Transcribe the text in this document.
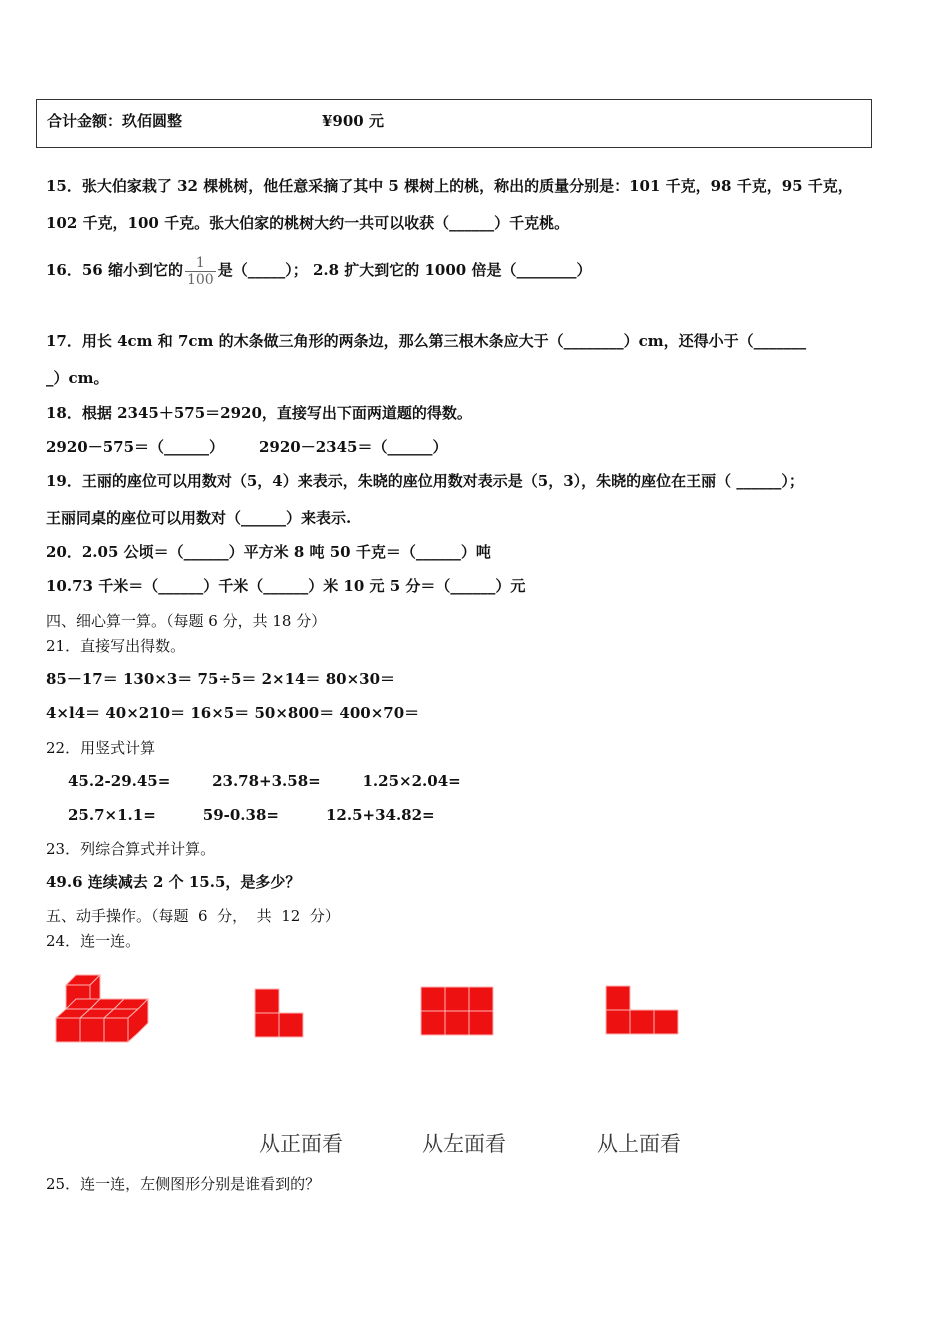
合计金额：玖佰圆整	¥900 元
15．张大伯家栽了 32 棵桃树，他任意采摘了其中 5 棵树上的桃，称出的质量分别是：101 千克，98 千克，95 千克，
102 千克，100 千克。张大伯家的桃树大约一共可以收获（______）千克桃。
16．56 缩小到它的 $\frac{1}{100}$ 是（_____）； 2.8 扩大到它的 1000 倍是（________）
17．用长 4cm 和 7cm 的木条做三角形的两条边，那么第三根木条应大于（________）cm，还得小于（_______
_）cm。
18．根据 2345＋575＝2920，直接写出下面两道题的得数。
2920－575＝（______） 2920－2345＝（______）
19．王丽的座位可以用数对（5，4）来表示，朱晓的座位用数对表示是（5，3），朱晓的座位在王丽（ ______）；
王丽同桌的座位可以用数对（______）来表示.
20．2.05 公顷＝（______）平方米 8 吨 50 千克＝（______）吨
10.73 千米＝（______）千米（______）米 10 元 5 分＝（______）元
四、细心算一算。（每题 6 分，共 18 分）
21．直接写出得数。
85－17＝ 130×3＝ 75÷5＝ 2×14＝ 80×30＝
4×l4＝ 40×210＝ 16×5＝ 50×800＝ 400×70＝
22．用竖式计算
45.2-29.45=        23.78+3.58=        1.25×2.04=
25.7×1.1=         59-0.38=         12.5+34.82=
23．列综合算式并计算。
49.6 连续减去 2 个 15.5，是多少？
五、动手操作。（每题  6  分，  共  12  分）
24．连一连。
从正面看	从左面看	从上面看
25．连一连，左侧图形分别是谁看到的？
